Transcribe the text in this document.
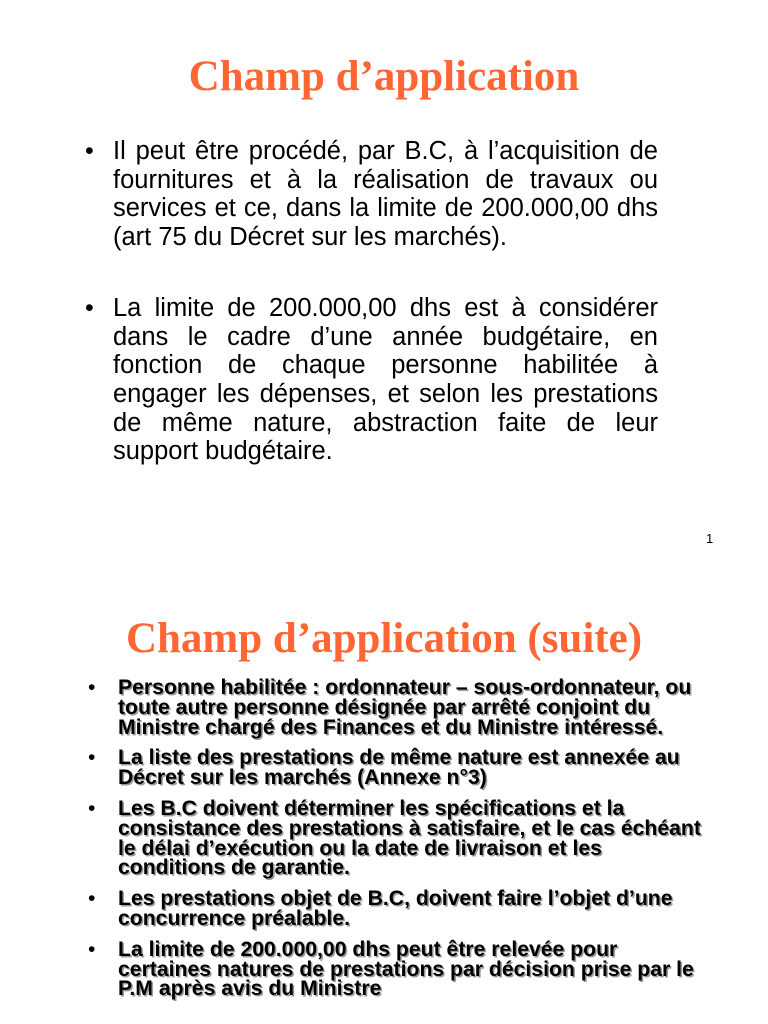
Champ d’application
• Il peut être procédé, par B.C, à l’acquisition de fournitures et à la réalisation de travaux ou services et ce, dans la limite de 200.000,00 dhs (art 75 du Décret sur les marchés).
• La limite de 200.000,00 dhs est à considérer dans le cadre d’une année budgétaire, en fonction de chaque personne habilitée à engager les dépenses, et selon les prestations de même nature, abstraction faite de leur support budgétaire.
1
Champ d’application (suite)
• Personne habilitée : ordonnateur – sous-ordonnateur, ou toute autre personne désignée par arrêté conjoint du Ministre chargé des Finances et du Ministre intéressé.
• La liste des prestations de même nature est annexée au Décret sur les marchés (Annexe n°3)
• Les B.C doivent déterminer les spécifications et la consistance des prestations à satisfaire, et le cas échéant le délai d’exécution ou la date de livraison et les conditions de garantie.
• Les prestations objet de B.C, doivent faire l’objet d’une concurrence préalable.
• La limite de 200.000,00 dhs peut être relevée pour certaines natures de prestations par décision prise par le P.M après avis du Ministre
